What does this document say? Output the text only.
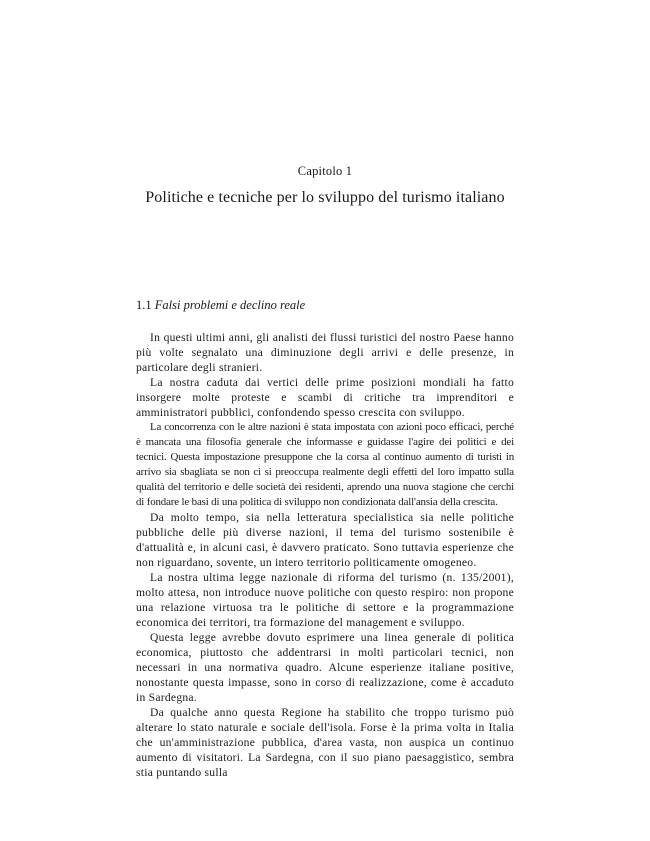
Capitolo 1
Politiche e tecniche per lo sviluppo del turismo italiano
1.1 Falsi problemi e declino reale

In questi ultimi anni, gli analisti dei flussi turistici del nostro Paese hanno più volte segnalato una diminuzione degli arrivi e delle presenze, in particolare degli stranieri.

La nostra caduta dai vertici delle prime posizioni mondiali ha fatto insorgere molte proteste e scambi di critiche tra imprenditori e amministratori pubblici, confondendo spesso crescita con sviluppo.

La concorrenza con le altre nazioni è stata impostata con azioni poco efficaci, perché è mancata una filosofia generale che informasse e guidasse l'agire dei politici e dei tecnici. Questa impostazione presuppone che la corsa al continuo aumento di turisti in arrivo sia sbagliata se non ci si preoccupa realmente degli effetti del loro impatto sulla qualità del territorio e delle società dei residenti, aprendo una nuova stagione che cerchi di fondare le basi di una politica di sviluppo non condizionata dall'ansia della crescita.

Da molto tempo, sia nella letteratura specialistica sia nelle politiche pubbliche delle più diverse nazioni, il tema del turismo sostenibile è d'attualità e, in alcuni casi, è davvero praticato. Sono tuttavia esperienze che non riguardano, sovente, un intero territorio politicamente omogeneo.

La nostra ultima legge nazionale di riforma del turismo (n. 135/2001), molto attesa, non introduce nuove politiche con questo respiro: non propone una relazione virtuosa tra le politiche di settore e la programmazione economica dei territori, tra formazione del management e sviluppo.

Questa legge avrebbe dovuto esprimere una linea generale di politica economica, piuttosto che addentrarsi in molti particolari tecnici, non necessari in una normativa quadro. Alcune esperienze italiane positive, nonostante questa impasse, sono in corso di realizzazione, come è accaduto in Sardegna.

Da qualche anno questa Regione ha stabilito che troppo turismo può alterare lo stato naturale e sociale dell'isola. Forse è la prima volta in Italia che un'amministrazione pubblica, d'area vasta, non auspica un continuo aumento di visitatori. La Sardegna, con il suo piano paesaggistico, sembra stia puntando sulla
